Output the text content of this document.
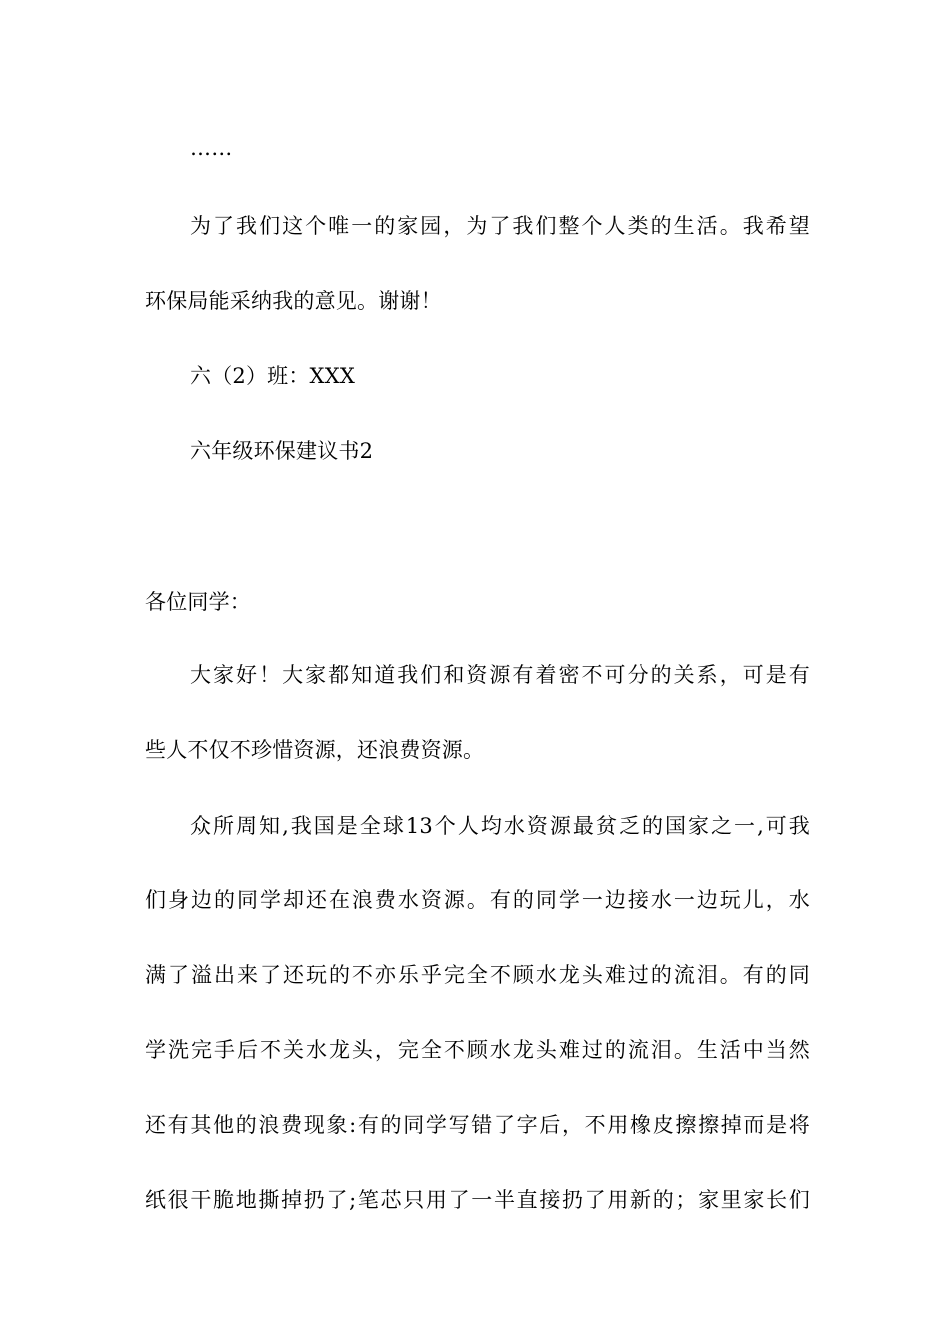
……
为了我们这个唯一的家园，为了我们整个人类的生活。我希望
环保局能采纳我的意见。谢谢！
六（2）班：XXX
六年级环保建议书2
各位同学：
大家好！大家都知道我们和资源有着密不可分的关系，可是有
些人不仅不珍惜资源，还浪费资源。
众所周知,我国是全球13个人均水资源最贫乏的国家之一,可我
们身边的同学却还在浪费水资源。有的同学一边接水一边玩儿，水
满了溢出来了还玩的不亦乐乎完全不顾水龙头难过的流泪。有的同
学洗完手后不关水龙头，完全不顾水龙头难过的流泪。生活中当然
还有其他的浪费现象:有的同学写错了字后，不用橡皮擦擦掉而是将
纸很干脆地撕掉扔了;笔芯只用了一半直接扔了用新的；家里家长们
